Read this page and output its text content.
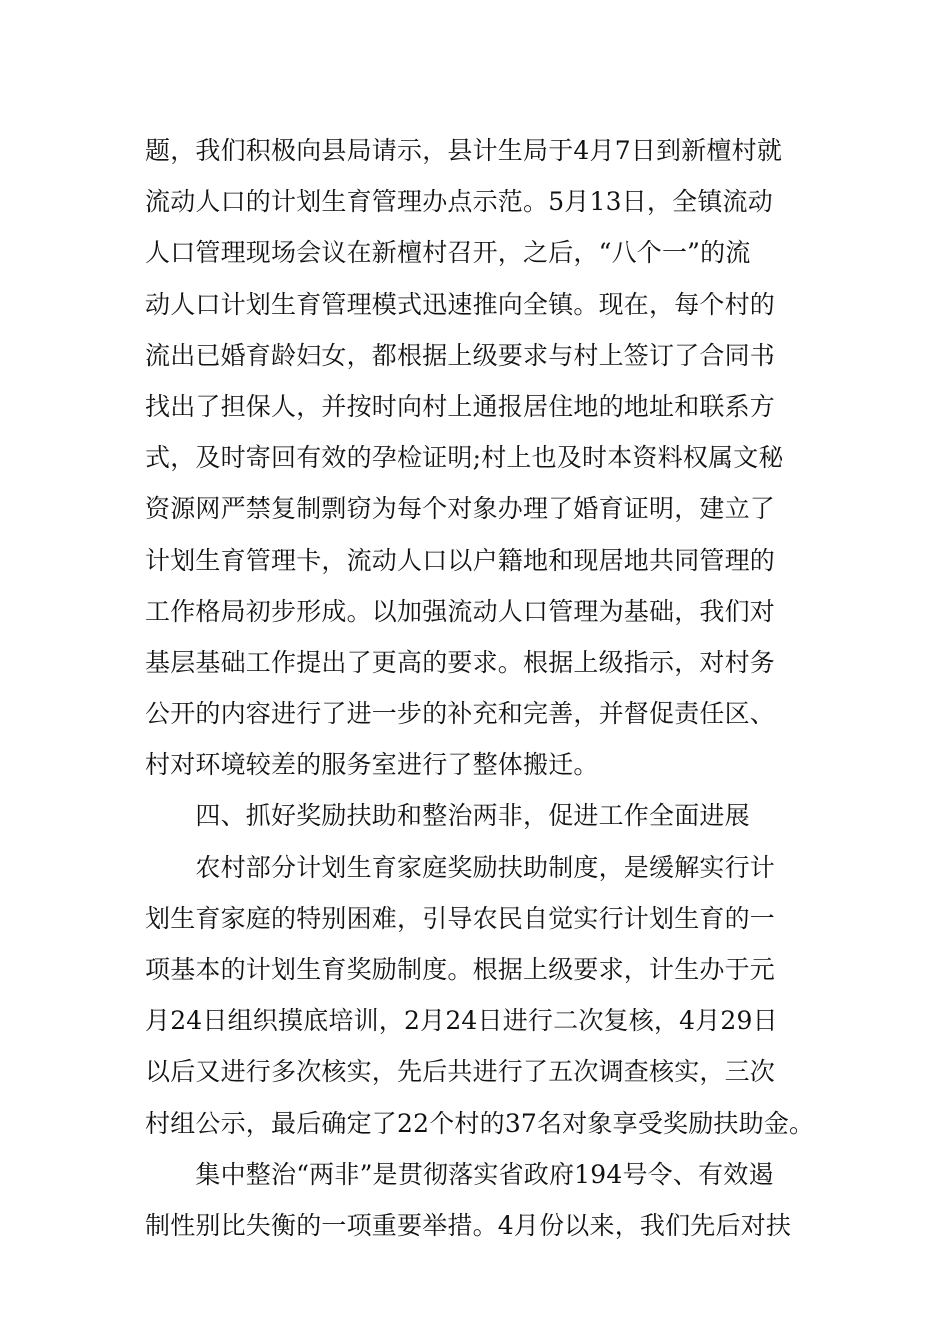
题，我们积极向县局请示，县计生局于4月7日到新檀村就
流动人口的计划生育管理办点示范。5月13日，全镇流动
人口管理现场会议在新檀村召开，之后，“八个一”的流
动人口计划生育管理模式迅速推向全镇。现在，每个村的
流出已婚育龄妇女，都根据上级要求与村上签订了合同书
找出了担保人，并按时向村上通报居住地的地址和联系方
式，及时寄回有效的孕检证明;村上也及时本资料权属文秘
资源网严禁复制剽窃为每个对象办理了婚育证明，建立了
计划生育管理卡，流动人口以户籍地和现居地共同管理的
工作格局初步形成。以加强流动人口管理为基础，我们对
基层基础工作提出了更高的要求。根据上级指示，对村务
公开的内容进行了进一步的补充和完善，并督促责任区、
村对环境较差的服务室进行了整体搬迁。
　　四、抓好奖励扶助和整治两非，促进工作全面进展
　　农村部分计划生育家庭奖励扶助制度，是缓解实行计
划生育家庭的特别困难，引导农民自觉实行计划生育的一
项基本的计划生育奖励制度。根据上级要求，计生办于元
月24日组织摸底培训，2月24日进行二次复核，4月29日
以后又进行多次核实，先后共进行了五次调查核实，三次
村组公示，最后确定了22个村的37名对象享受奖励扶助金。
　　集中整治“两非”是贯彻落实省政府194号令、有效遏
制性别比失衡的一项重要举措。4月份以来，我们先后对扶
